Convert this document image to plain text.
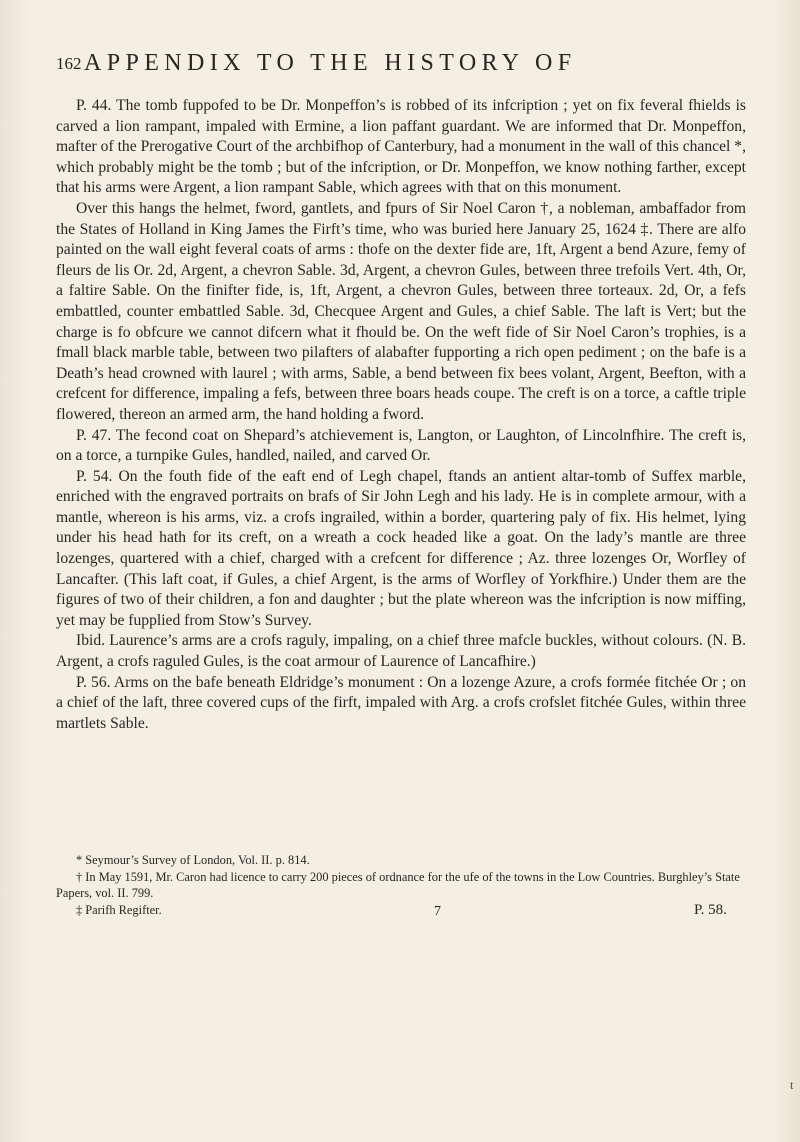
162 APPENDIX TO THE HISTORY OF

P. 44. The tomb fuppofed to be Dr. Monpeffon’s is robbed of its infcription ; yet on fix feveral fhields is carved a lion rampant, impaled with Ermine, a lion paffant guardant. We are informed that Dr. Monpeffon, mafter of the Prerogative Court of the archbifhop of Canterbury, had a monument in the wall of this chancel *, which probably might be the tomb ; but of the infcription, or Dr. Monpeffon, we know nothing farther, except that his arms were Argent, a lion rampant Sable, which agrees with that on this monument.

Over this hangs the helmet, fword, gantlets, and fpurs of Sir Noel Caron †, a nobleman, ambaffador from the States of Holland in King James the Firft’s time, who was buried here January 25, 1624 ‡. There are alfo painted on the wall eight feveral coats of arms : thofe on the dexter fide are, 1ft, Argent a bend Azure, femy of fleurs de lis Or. 2d, Argent, a chevron Sable. 3d, Argent, a chevron Gules, between three trefoils Vert. 4th, Or, a faltire Sable. On the finifter fide, is, 1ft, Argent, a chevron Gules, between three torteaux. 2d, Or, a fefs embattled, counter embattled Sable. 3d, Checquee Argent and Gules, a chief Sable. The laft is Vert; but the charge is fo obfcure we cannot difcern what it fhould be. On the weft fide of Sir Noel Caron’s trophies, is a fmall black marble table, between two pilafters of alabafter fupporting a rich open pediment ; on the bafe is a Death’s head crowned with laurel ; with arms, Sable, a bend between fix bees volant, Argent, Beefton, with a crefcent for difference, impaling a fefs, between three boars heads coupe. The creft is on a torce, a caftle triple flowered, thereon an armed arm, the hand holding a fword.

P. 47. The fecond coat on Shepard’s atchievement is, Langton, or Laughton, of Lincolnfhire. The creft is, on a torce, a turnpike Gules, handled, nailed, and carved Or.

P. 54. On the fouth fide of the eaft end of Legh chapel, ftands an antient altar-tomb of Suffex marble, enriched with the engraved portraits on brafs of Sir John Legh and his lady. He is in complete armour, with a mantle, whereon is his arms, viz. a crofs ingrailed, within a border, quartering paly of fix. His helmet, lying under his head hath for its creft, on a wreath a cock headed like a goat. On the lady’s mantle are three lozenges, quartered with a chief, charged with a crefcent for difference ; Az. three lozenges Or, Worfley of Lancafter. (This laft coat, if Gules, a chief Argent, is the arms of Worfley of Yorkfhire.) Under them are the figures of two of their children, a fon and daughter ; but the plate whereon was the infcription is now miffing, yet may be fupplied from Stow’s Survey.

Ibid. Laurence’s arms are a crofs raguly, impaling, on a chief three mafcle buckles, without colours. (N. B. Argent, a crofs raguled Gules, is the coat armour of Laurence of Lancafhire.)

P. 56. Arms on the bafe beneath Eldridge’s monument : On a lozenge Azure, a crofs formée fitchée Or ; on a chief of the laft, three covered cups of the firft, impaled with Arg. a crofs crofslet fitchée Gules, within three martlets Sable.

* Seymour’s Survey of London, Vol. II. p. 814.
† In May 1591, Mr. Caron had licence to carry 200 pieces of ordnance for the ufe of the towns in the Low Countries. Burghley’s State Papers, vol. II. 799.
‡ Parifh Regifter.	7	P. 58.
t
